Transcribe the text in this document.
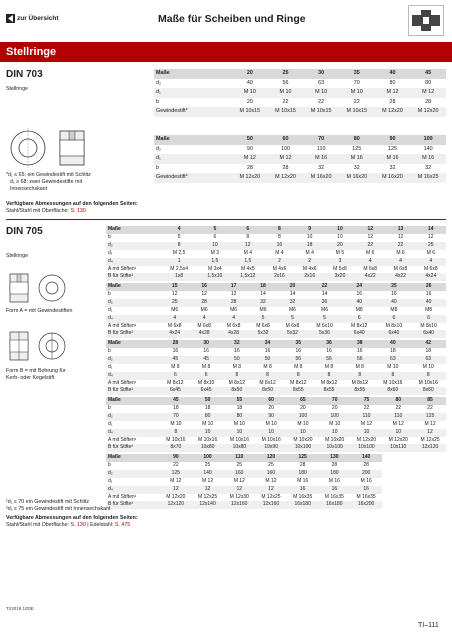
zur Übersicht	Maße für Scheiben und Ringe
Stellringe
DIN 703
Stellringe
Maße	20	25	30	35	40	45
d₂	40	56	63	70	80	80
d₁	M 10	M 10	M 10	M 10	M 12	M 12
b	20	22	22	22	28	28
Gewindestift*	M 10x15	M 10x15	M 10x15	M 10x15	M 12x20	M 12x20
Maße	50	60	70	80	90	100
d₂	90	100	110	125	125	140
d₁	M 12	M 12	M 16	M 16	M 16	M 16
b	28	28	32	32	32	32
Gewindestift*	M 12x20	M 12x20	M 16x20	M 16x20	M 16x20	M 16x25
*d₁ ≤ 65: ein Gewindestift mit Schlitz
d₁ ≥ 68: zwei Gewindestifte mit
Innensechskant
Verfügbare Abmessungen auf den folgenden Seiten:
Stahl/Stahl mit Oberfläche: S. 130
DIN 705
Stellringe
Form A = mit Gewindestiften
Form B = mit Bohrung für
Kerb- oder Kegelstift
Maße	4	5	6	8	9	10	12	13	14
b	5	6	8	8	10	10	12	12	12
d₂	8	10	12	16	18	20	22	22	25
d₁	M 2,5	M 3	M 4	M 4	M 4	M 5	M 6	M 6	M 6
d₄	1	1,5	1,5	2	2	3	4	4	4
A mit Stiften¹	M 2,5x4	M 3x4	M 4x5	M 4x6	M 4x6	M 5x8	M 6x8	M 6x8	M 6x8
B für Stifte²	1x8	1,5x10	1,5x12	2x16	2x16	3x20	4x22	4x22	4x24
Maße	15	16	17	18	20	22	24	25	26
b	12	12	12	14	14	14	16	16	16
d₂	25	28	28	32	32	36	40	40	40
d₁	M6	M6	M6	M6	M6	M6	M8	M8	M8
d₄	4	4	4	5	5	5	6	6	6
A mit Stiften¹	M 6x8	M 6x8	M 6x8	M 6x8	M 6x8	M 6x10	M 8x12	M 8x10	M 8x10
B für Stifte²	4x24	4x28	4x28	5x32	5x32	5x36	6x40	6x40	6x40
Maße	28	30	32	34	35	36	38	40	42
b	16	16	16	16	16	16	16	18	18
d₂	45	45	50	50	56	56	56	63	63
d₁	M 8	M 8	M 8	M 8	M 8	M 8	M 8	M 10	M 10
d₄	6	6	8	8	8	8	8	8	8
A mit Stiften¹	M 8x12	M 8x10	M 8x12	M 8x12	M 8x12	M 8x12	M 8x12	M 10x16	M 10x16
B für Stifte²	6x45	6x45	8x50	8x50	8x55	8x55	8x55	8x60	8x60
Maße	45	50	55	60	65	70	75	80	85
b	18	18	18	20	20	20	22	22	22
d₂	70	80	80	90	100	100	110	110	125
d₁	M 10	M 10	M 10	M 10	M 10	M 10	M 12	M 12	M 12
d₄	8	10	10	10	10	10	10	10	12
A mit Stiften¹	M 10x16	M 10x16	M 10x16	M 10x16	M 10x20	M 10x20	M 12x20	M 12x20	M 12x25
B für Stifte²	8x70	10x80	10x80	10x90	10x100	10x100	10x100	10x110	12x120
Maße	90	100	110	120	125	130	140
b	22	25	25	25	28	28	28
d₂	125	140	160	160	180	180	200
d₁	M 12	M 12	M 12	M 12	M 16	M 16	M 16
d₄	12	12	12	12	16	16	16
A mit Stiften¹	M 12x20	M 12x25	M 12x30	M 12x25	M 16x35	M 16x35	M 16x35
B für Stifte²	12x120	12x140	12x160	12x160	16x180	16x180	16x200
¹d₁ ≤ 70 ein Gewindestift mit Schlitz
²d₁ ≥ 75 ein Gewindestift mit Innensechskant
Verfügbare Abmessungen auf den folgenden Seiten:
Stahl/Stahl mit Oberfläche: S. 130 | Edelstahl: S. 475
TI/2019.10DE
TI–111
